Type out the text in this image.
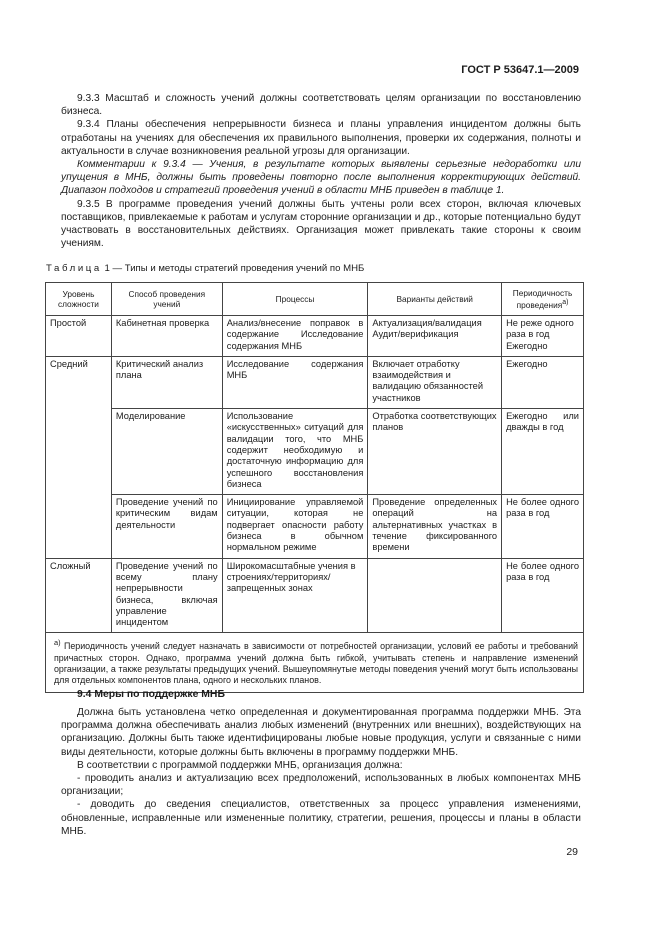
ГОСТ Р 53647.1—2009

9.3.3 Масштаб и сложность учений должны соответствовать целям организации по восстановлению бизнеса.

9.3.4 Планы обеспечения непрерывности бизнеса и планы управления инцидентом должны быть отработаны на учениях для обеспечения их правильного выполнения, проверки их содержания, полноты и актуальности в случае возникновения реальной угрозы для организации.

Комментарии к 9.3.4 — Учения, в результате которых выявлены серьезные недоработки или упущения в МНБ, должны быть проведены повторно после выполнения корректирующих действий. Диапазон подходов и стратегий проведения учений в области МНБ приведен в таблице 1.

9.3.5 В программе проведения учений должны быть учтены роли всех сторон, включая ключевых поставщиков, привлекаемые к работам и услугам сторонние организации и др., которые потенциально будут участвовать в восстановительных действиях. Организация может привлекать такие стороны к своим учениям.

Таблица 1 — Типы и методы стратегий проведения учений по МНБ
Уровень сложности	Способ проведения учений	Процессы	Варианты действий	Периодичность проведения$^{а)}$
Простой	Кабинетная проверка	Анализ/внесение поправок в содержание Исследование содержания МНБ	Актуализация/валидация Аудит/верификация	Не реже одного раза в год Ежегодно
Средний	Критический анализ плана	Исследование содержания МНБ	Включает отработку взаимодействия и валидацию обязанностей участников	Ежегодно
	Моделирование	Использование «искусственных» ситуаций для валидации того, что МНБ содержит необходимую и достаточную информацию для успешного восстановления бизнеса	Отработка соответствующих планов	Ежегодно или дважды в год
	Проведение учений по критическим видам деятельности	Инициирование управляемой ситуации, которая не подвергает опасности работу бизнеса в обычном нормальном режиме	Проведение определенных операций на альтернативных участках в течение фиксированного времени	Не более одного раза в год
Сложный	Проведение учений по всему плану непрерывности бизнеса, включая управление инцидентом	Широкомасштабные учения в строениях/территориях/запрещенных зонах		Не более одного раза в год
$^{а)}$ Периодичность учений следует назначать в зависимости от потребностей организации, условий ее работы и требований причастных сторон. Однако, программа учений должна быть гибкой, учитывать степень и направление изменений организации, а также результаты предыдущих учений. Вышеупомянутые методы поведения учений могут быть использованы для отдельных компонентов плана, одного и нескольких планов.				
9.4 Меры по поддержке МНБ

Должна быть установлена четко определенная и документированная программа поддержки МНБ. Эта программа должна обеспечивать анализ любых изменений (внутренних или внешних), воздействующих на организацию. Должны быть также идентифицированы любые новые продукция, услуги и связанные с ними виды деятельности, которые должны быть включены в программу поддержки МНБ.

В соответствии с программой поддержки МНБ, организация должна:

- проводить анализ и актуализацию всех предположений, использованных в любых компонентах МНБ организации;

- доводить до сведения специалистов, ответственных за процесс управления изменениями, обновленные, исправленные или измененные политику, стратегии, решения, процессы и планы в области МНБ.

29
